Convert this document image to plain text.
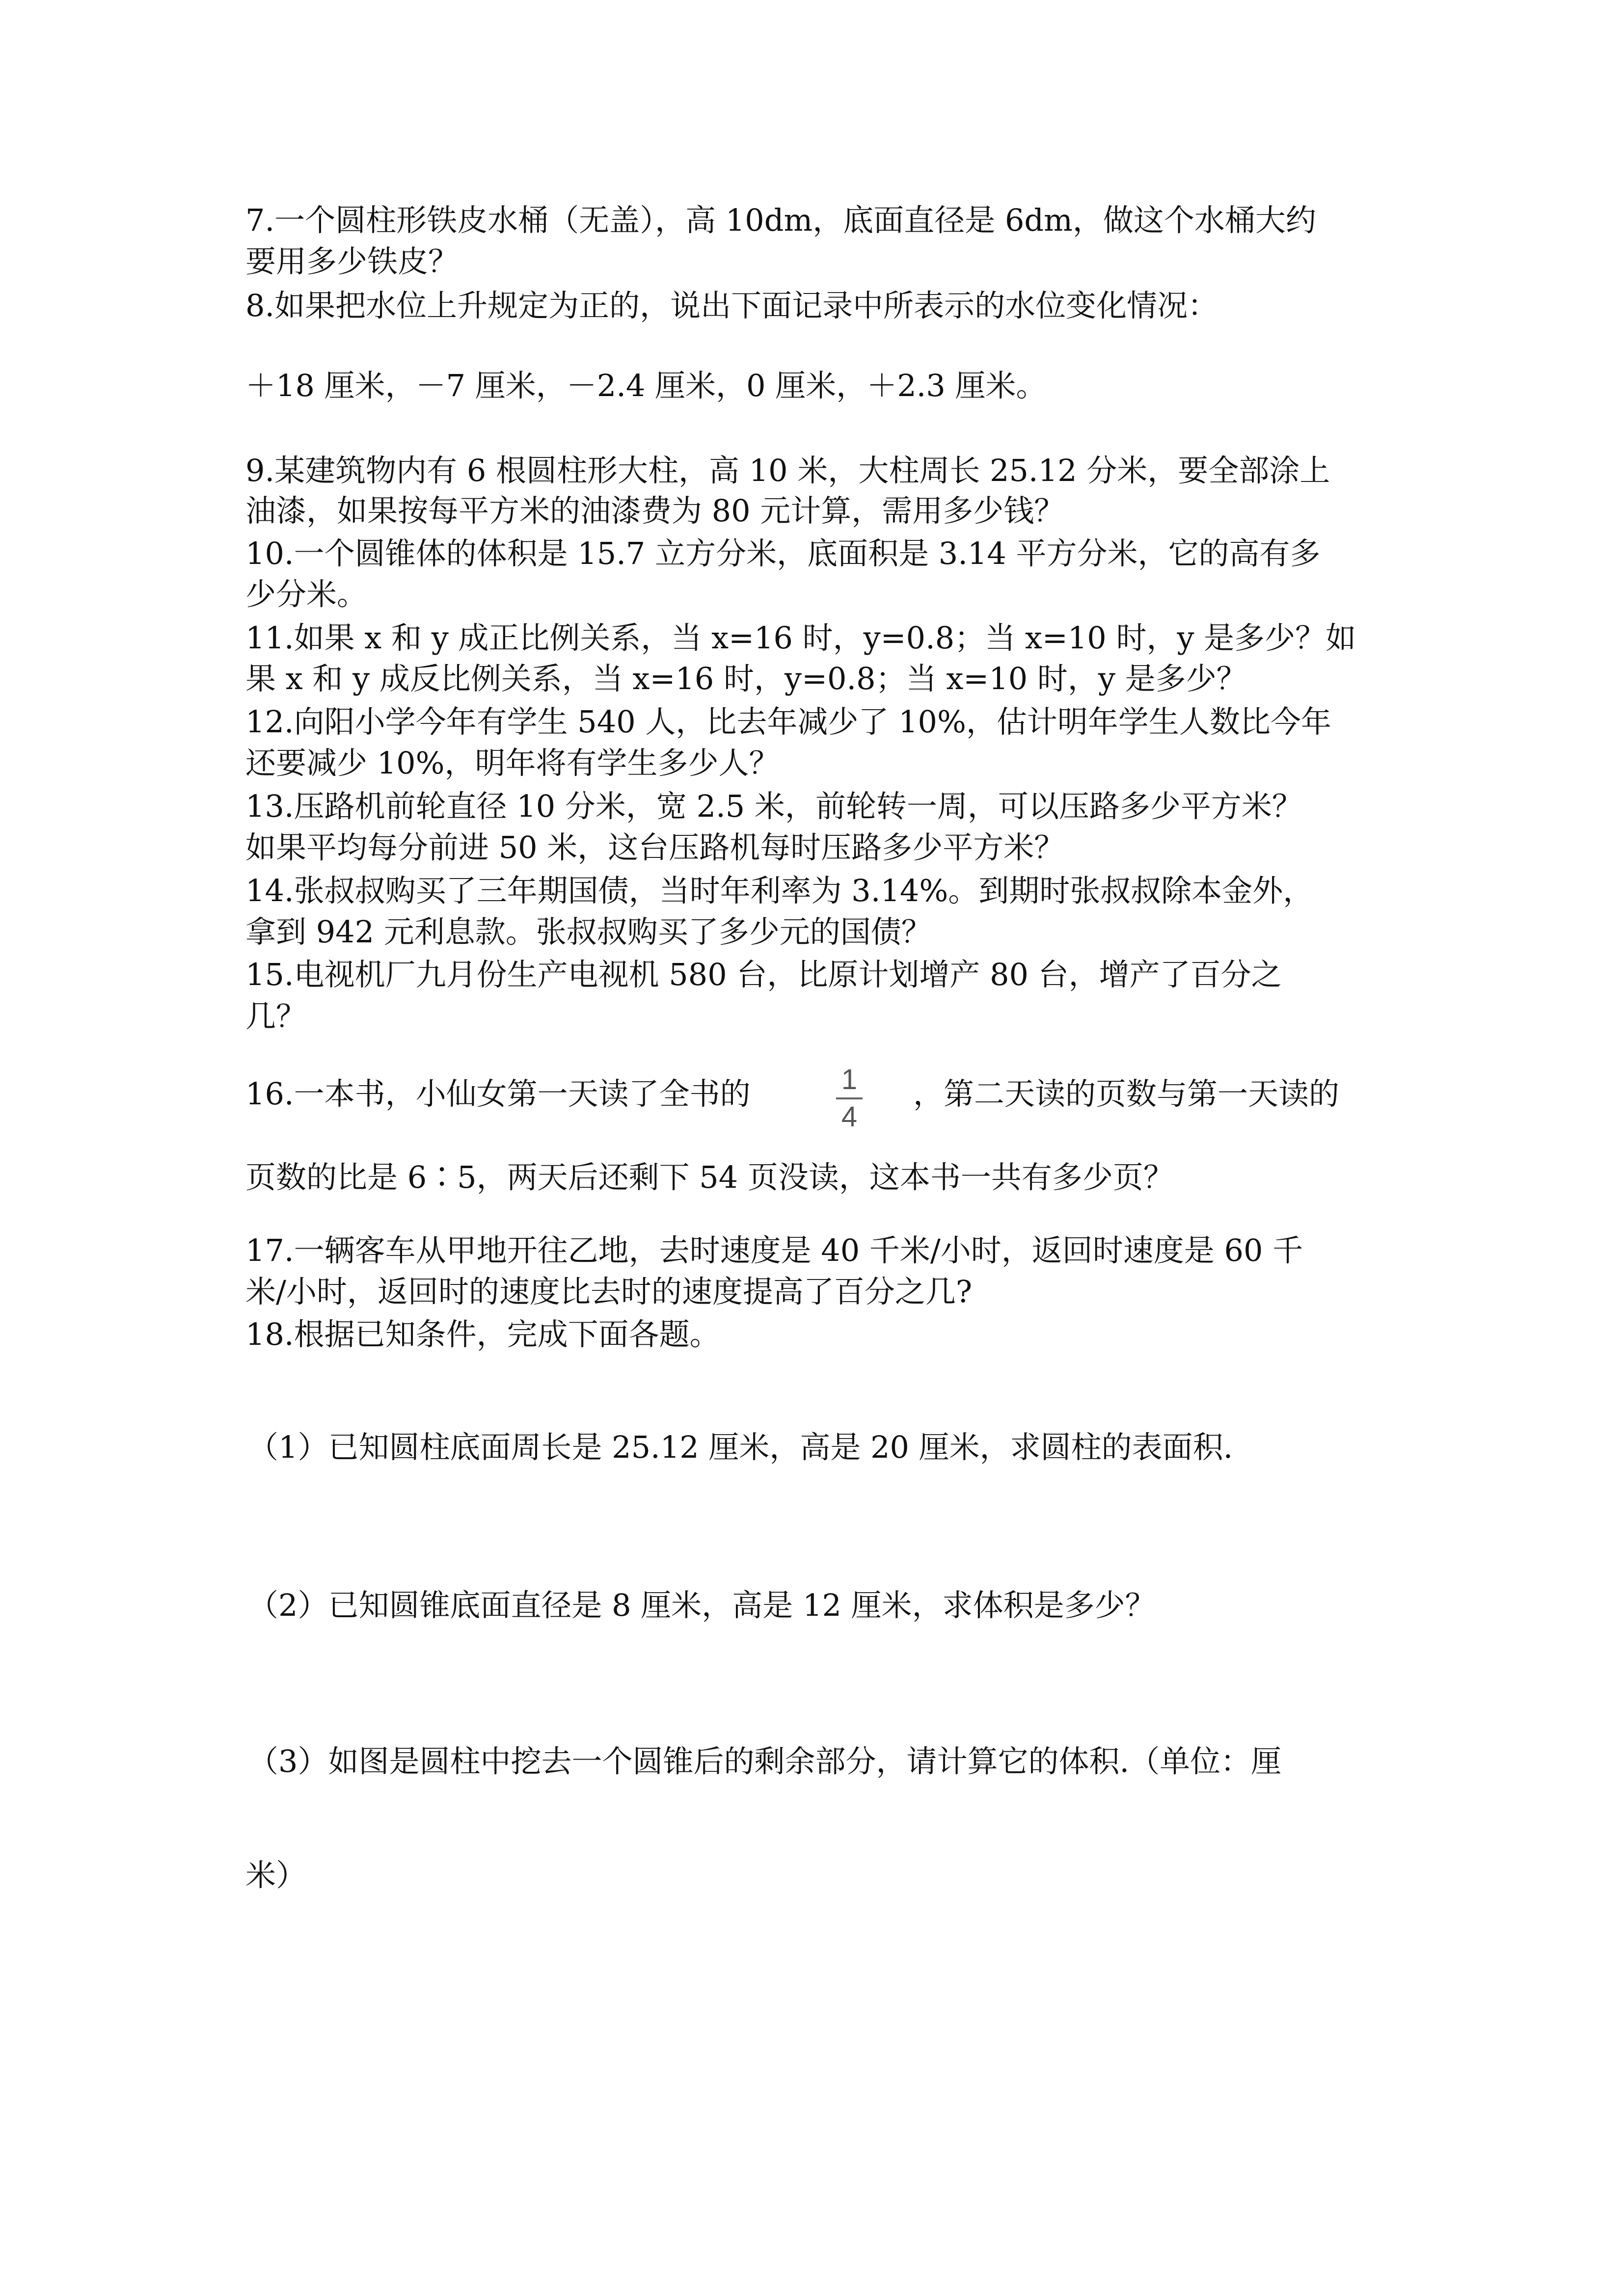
7.一个圆柱形铁皮水桶（无盖），高 10dm，底面直径是 6dm，做这个水桶大约
要用多少铁皮？
8.如果把水位上升规定为正的，说出下面记录中所表示的水位变化情况：
＋18 厘米，－7 厘米，－2.4 厘米，0 厘米，＋2.3 厘米。
9.某建筑物内有 6 根圆柱形大柱，高 10 米，大柱周长 25.12 分米，要全部涂上
油漆，如果按每平方米的油漆费为 80 元计算，需用多少钱？
10.一个圆锥体的体积是 15.7 立方分米，底面积是 3.14 平方分米，它的高有多
少分米。
11.如果 x 和 y 成正比例关系，当 x=16 时，y=0.8；当 x=10 时，y 是多少？如
果 x 和 y 成反比例关系，当 x=16 时，y=0.8；当 x=10 时，y 是多少？
12.向阳小学今年有学生 540 人，比去年减少了 10%，估计明年学生人数比今年
还要减少 10%，明年将有学生多少人？
13.压路机前轮直径 10 分米，宽 2.5 米，前轮转一周，可以压路多少平方米？
如果平均每分前进 50 米，这台压路机每时压路多少平方米？
14.张叔叔购买了三年期国债，当时年利率为 3.14%。到期时张叔叔除本金外，
拿到 942 元利息款。张叔叔购买了多少元的国债？
15.电视机厂九月份生产电视机 580 台，比原计划增产 80 台，增产了百分之
几？
16.一本书，小仙女第一天读了全书的	1
4
，第二天读的页数与第一天读的
页数的比是 6∶5，两天后还剩下 54 页没读，这本书一共有多少页？
17.一辆客车从甲地开往乙地，去时速度是 40 千米/小时，返回时速度是 60 千
米/小时，返回时的速度比去时的速度提高了百分之几?
18.根据已知条件，完成下面各题。
（1）已知圆柱底面周长是 25.12 厘米，高是 20 厘米，求圆柱的表面积.
（2）已知圆锥底面直径是 8 厘米，高是 12 厘米，求体积是多少？
（3）如图是圆柱中挖去一个圆锥后的剩余部分，请计算它的体积.（单位：厘
米）
